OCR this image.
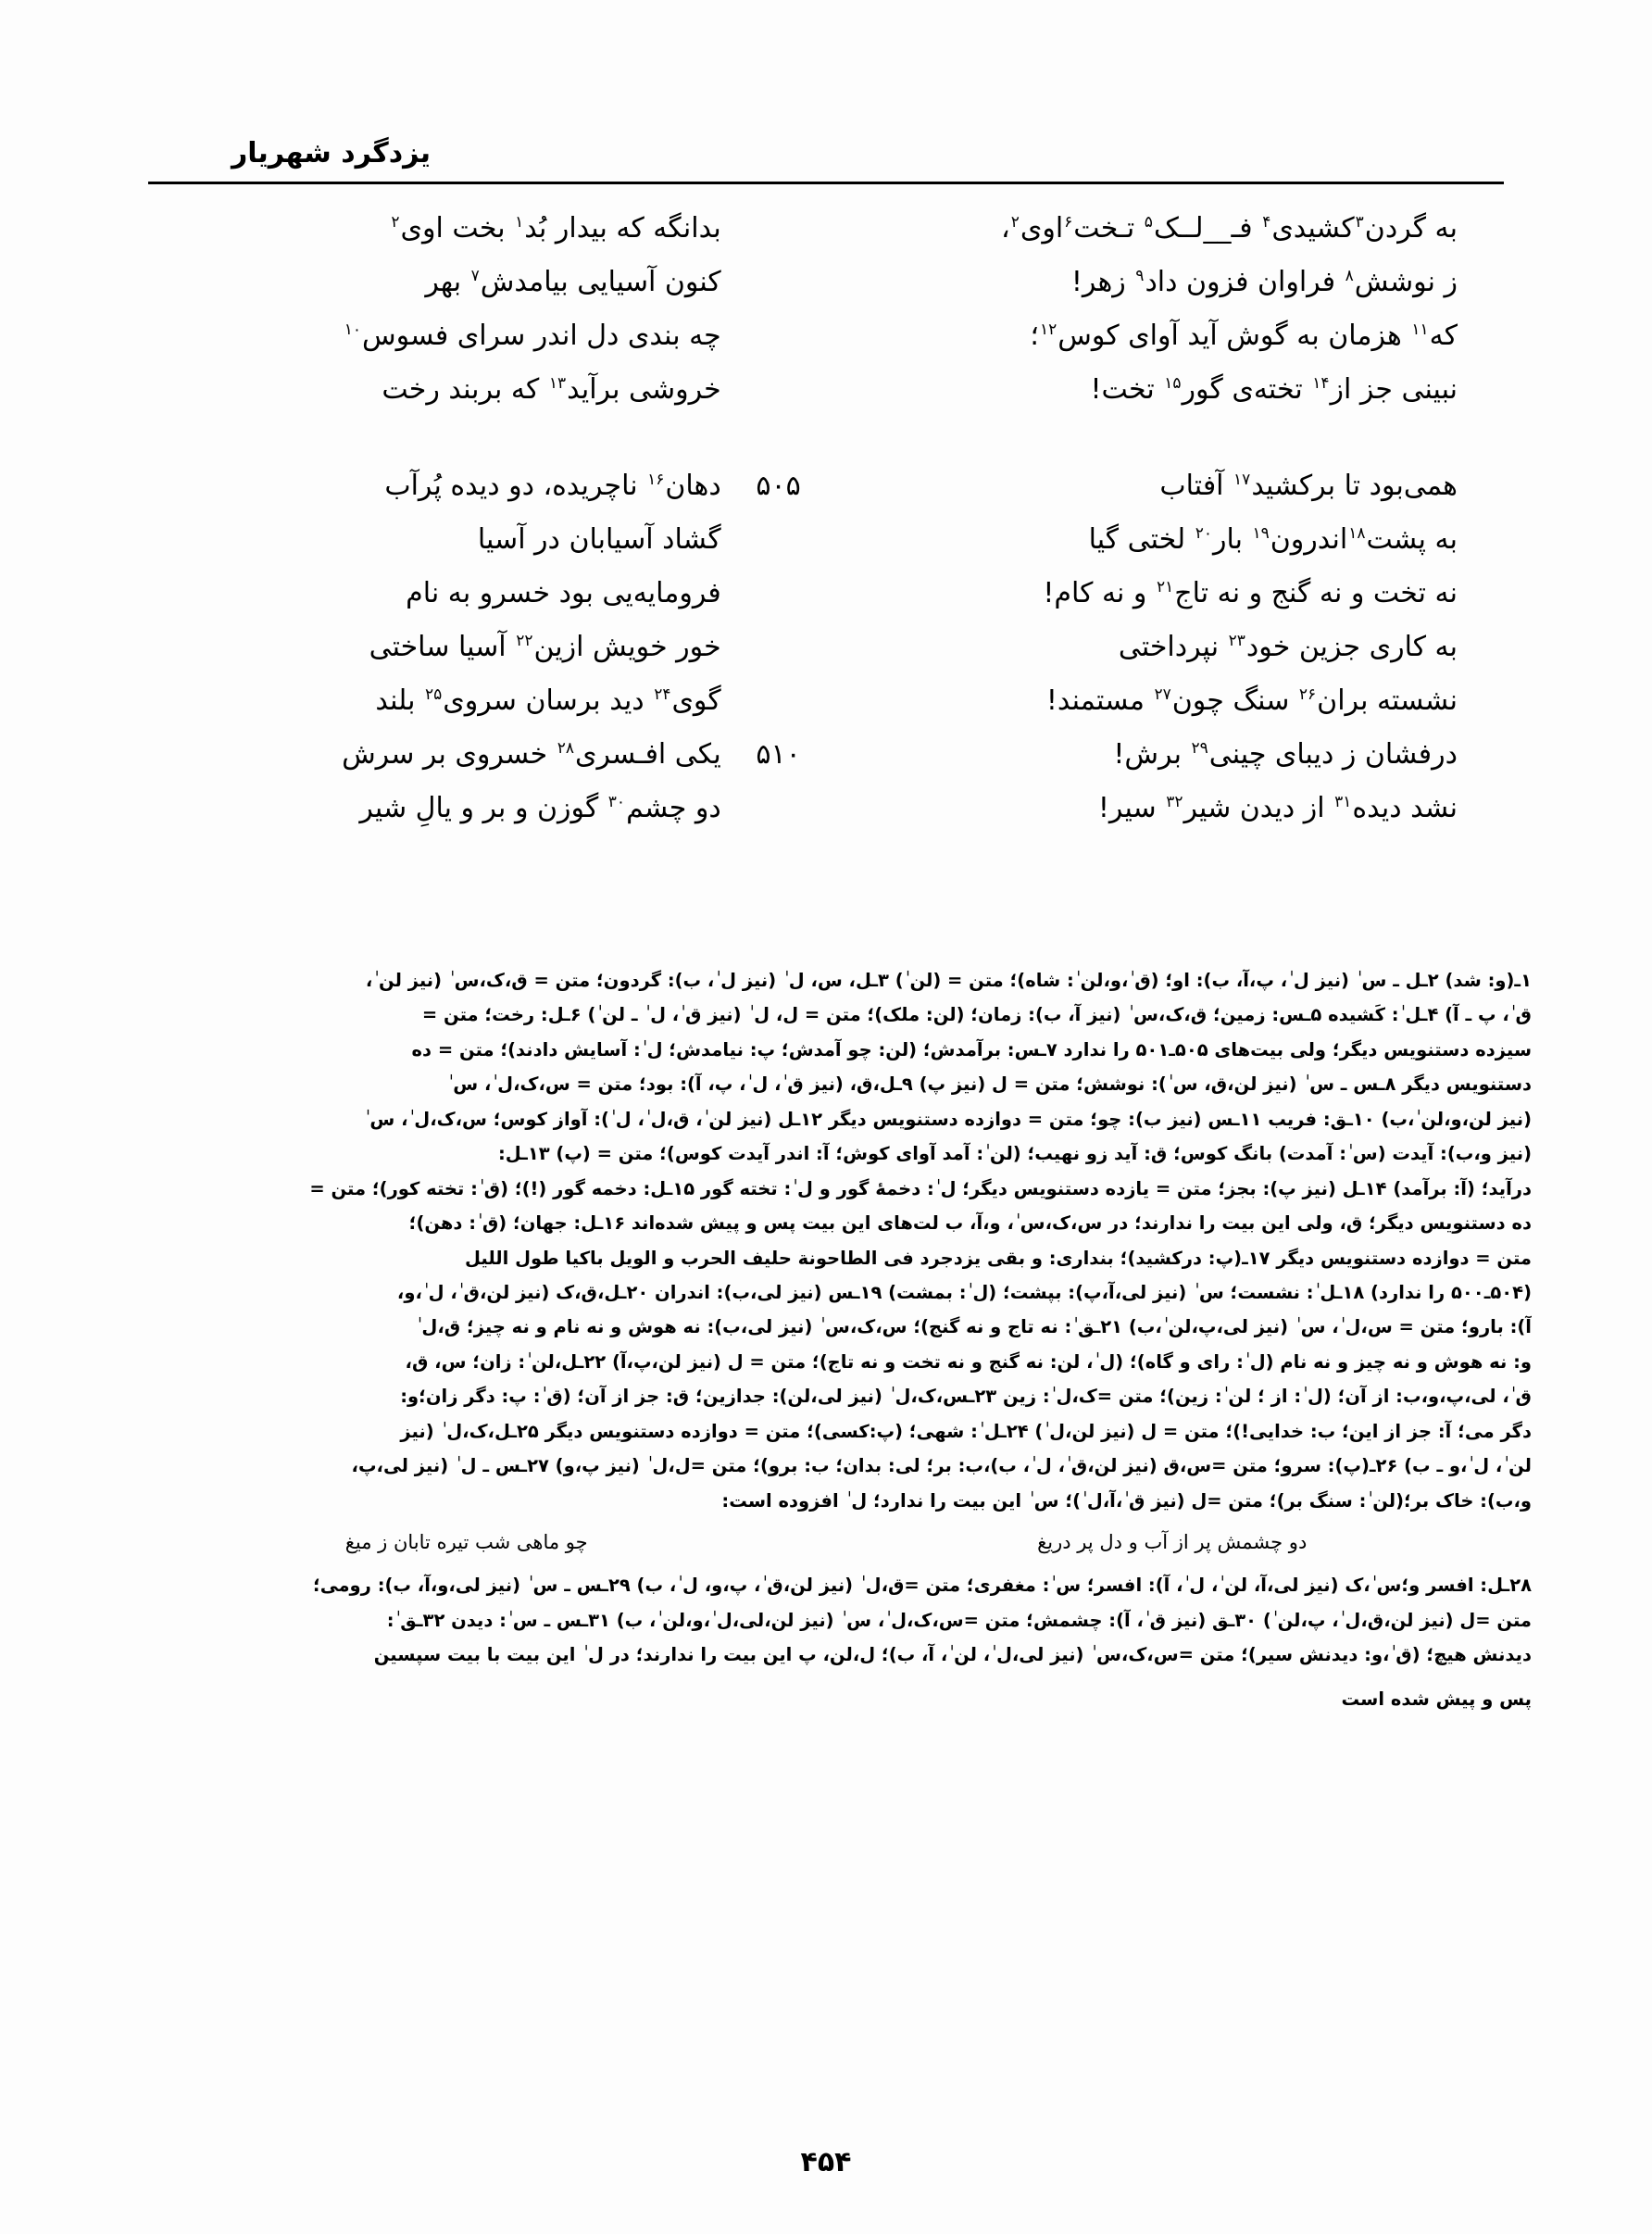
یزدگرد شهریار
به گردن$^۳$کشیدی$^۴$ فـ__لــک$^۵$ تـخت$^۶$اوی$^۲$،
بدانگه که بیدار بُد$^۱$ بخت اوی$^۲$
ز نوشش$^۸$ فراوان فزون داد$^۹$ زهر!
کنون آسیایی بیامدش$^۷$ بهر
که$^{۱۱}$ هزمان به گوش آید آوای کوس$^{۱۲}$؛
چه بندی دل اندر سرای فسوس$^{۱۰}$
نبینی جز از$^{۱۴}$ تخته‌ی گور$^{۱۵}$ تخت!
خروشی برآید$^{۱۳}$ که بربند رخت
همی‌بود تا برکشید$^{۱۷}$ آفتاب
دهان$^{۱۶}$ ناچریده، دو دیده پُرآب	۵۰۵
به پشت$^{۱۸}$اندرون$^{۱۹}$ بار$^{۲۰}$ لختی گیا
گشاد آسیابان در آسیا
نه تخت و نه گنج و نه تاج$^{۲۱}$ و نه کام!
فرومایه‌یی بود خسرو به نام
به کاری جزین خود$^{۲۳}$ نپرداختی
خور خویش ازین$^{۲۲}$ آسیا ساختی
نشسته بران$^{۲۶}$ سنگ چون$^{۲۷}$ مستمند!
گوی$^{۲۴}$ دید برسان سروی$^{۲۵}$ بلند
درفشان ز دیبای چینی$^{۲۹}$ برش!
یکی افـسری$^{۲۸}$ خسروی بر سرش	۵۱۰
نشد دیده$^{۳۱}$ از دیدن شیر$^{۳۲}$ سیر!
دو چشم$^{۳۰}$ گوزن و بر و یالِ شیر
۱ـ(و: شد) ۲ـل ـ س ٰ (نیز ل ٰ، پ،آ، ب): او؛ (ق ٰ،و،لن ٰ: شاه)؛ متن = (لن ٰ) ۳ـل، س، ل ٰ (نیز ل ٰ، ب): گردون؛ متن = ق،ک،س ٰ (نیز لن ٰ،
ق ٰ، پ ـ آ) ۴ـل ٰ: کَشیده ۵ـس: زمین؛ ق،ک،س ٰ (نیز آ، ب): زمان؛ (لن: ملک)؛ متن = ل، ل ٰ (نیز ق ٰ، ل ٰ ـ لن ٰ) ۶ـل: رخت؛ متن =
سیزده دستنویس دیگر؛ ولی بیت‌های ۵۰۵ـ۵۰۱ را ندارد ۷ـس: برآمدش؛ (لن: چو آمدش؛ پ: نیامدش؛ ل ٰ: آسایش دادند)؛ متن = ده
دستنویس دیگر ۸ـس ـ س ٰ (نیز لن،ق، س ٰ): نوشش؛ متن = ل (نیز پ) ۹ـل،ق، (نیز ق ٰ، ل ٰ، پ، آ): بود؛ متن = س،ک،ل ٰ، س ٰ
(نیز لن،و،لن ٰ،ب) ۱۰ـق: فریب ۱۱ـس (نیز ب): چو؛ متن = دوازده دستنویس دیگر ۱۲ـل (نیز لن ٰ، ق،ل ٰ، ل ٰ): آواز کوس؛ س،ک،ل ٰ، س ٰ
(نیز و،ب): آیدت (س ٰ: آمدت) بانگ کوس؛ ق: آید زو نهیب؛ (لن ٰ: آمد آوای کوش؛ آ: اندر آیدت کوس)؛ متن = (پ) ۱۳ـل:
درآید؛ (آ: برآمد) ۱۴ـل (نیز پ): بجز؛ متن = یازده دستنویس دیگر؛ ل ٰ: دخمهٔ گور و ل ٰ: تخته گور ۱۵ـل: دخمه گور (!)؛ (ق ٰ: تخته کور)؛ متن =
ده دستنویس دیگر؛ ق، ولی این بیت را ندارند؛ در س،ک،س ٰ، و،آ، ب لت‌های این بیت پس و پیش شده‌اند ۱۶ـل: جهان؛ (ق ٰ: دهن)؛
متن = دوازده دستنویس دیگر ۱۷ـ(پ: درکشید)؛ بنداری: و بقی یزدجرد فی الطاحونة حلیف الحرب و الویل باکیا طول اللیل
(۵۰۴ـ۵۰۰ را ندارد) ۱۸ـل ٰ: نشست؛ س ٰ (نیز لی،آ،پ): بپشت؛ (ل ٰ: بمشت) ۱۹ـس (نیز لی،ب): اندران ۲۰ـل،ق،ک (نیز لن،ق ٰ، ل ٰ،و،
آ): بارو؛ متن = س،ل ٰ، س ٰ (نیز لی،پ،لن ٰ،ب) ۲۱ـق ٰ: نه تاج و نه گنج)؛ س،ک،س ٰ (نیز لی،ب): نه هوش و نه نام و نه چیز؛ ق،ل ٰ
و: نه هوش و نه چیز و نه نام (ل ٰ: رای و گاه)؛ (ل ٰ، لن: نه گنج و نه تخت و نه تاج)؛ متن = ل (نیز لن،پ،آ) ۲۲ـل،لن ٰ: زان؛ س، ق،
ق ٰ، لی،پ،و،ب: از آن؛ (ل ٰ: از ؛ لن ٰ: زین)؛ متن =ک،ل ٰ: زین ۲۳ـس،ک،ل ٰ (نیز لی،لن): جدازین؛ ق: جز از آن؛ (ق ٰ: پ: دگر زان؛و:
دگر می؛ آ: جز از این؛ ب: خدایی!)؛ متن = ل (نیز لن،ل ٰ) ۲۴ـل ٰ: شهی؛ (پ:کسی)؛ متن = دوازده دستنویس دیگر ۲۵ـل،ک،ل ٰ (نیز
لن ٰ، ل ٰ،و ـ ب) ۲۶ـ(پ): سرو؛ متن =س،ق (نیز لن،ق ٰ، ل ٰ، ب)،ب: بر؛ لی: بدان؛ ب: برو)؛ متن =ل،ل ٰ (نیز پ،و) ۲۷ـس ـ ل ٰ (نیز لی،پ،
و،ب): خاک بر؛(لن ٰ: سنگ بر)؛ متن =ل (نیز ق ٰ،آ،ل ٰ)؛ س ٰ این بیت را ندارد؛ ل ٰ افزوده است:
دو چشمش پر از آب و دل پر دریغ
چو ماهی شب تیره تابان ز میغ
۲۸ـل: افسر و؛س ٰ،ک (نیز لی،آ، لن ٰ، ل ٰ، آ): افسر؛ س ٰ: مغفری؛ متن =ق،ل ٰ (نیز لن،ق ٰ، پ،و، ل ٰ، ب) ۲۹ـس ـ س ٰ (نیز لی،و،آ، ب): رومی؛
متن =ل (نیز لن،ق،ل ٰ، پ،لن ٰ) ۳۰ـق (نیز ق ٰ، آ): چشمش؛ متن =س،ک،ل ٰ، س ٰ (نیز لن،لی،ل ٰ،و،لن ٰ، ب) ۳۱ـس ـ س ٰ: دیدن ۳۲ـق ٰ:
دیدنش هیچ؛ (ق ٰ،و: دیدنش سیر)؛ متن =س،ک،س ٰ (نیز لی،ل ٰ، لن ٰ، آ، ب)؛ ل،لن، پ این بیت را ندارند؛ در ل ٰ این بیت با بیت سپسین
پس و پیش شده است
۴۵۴
